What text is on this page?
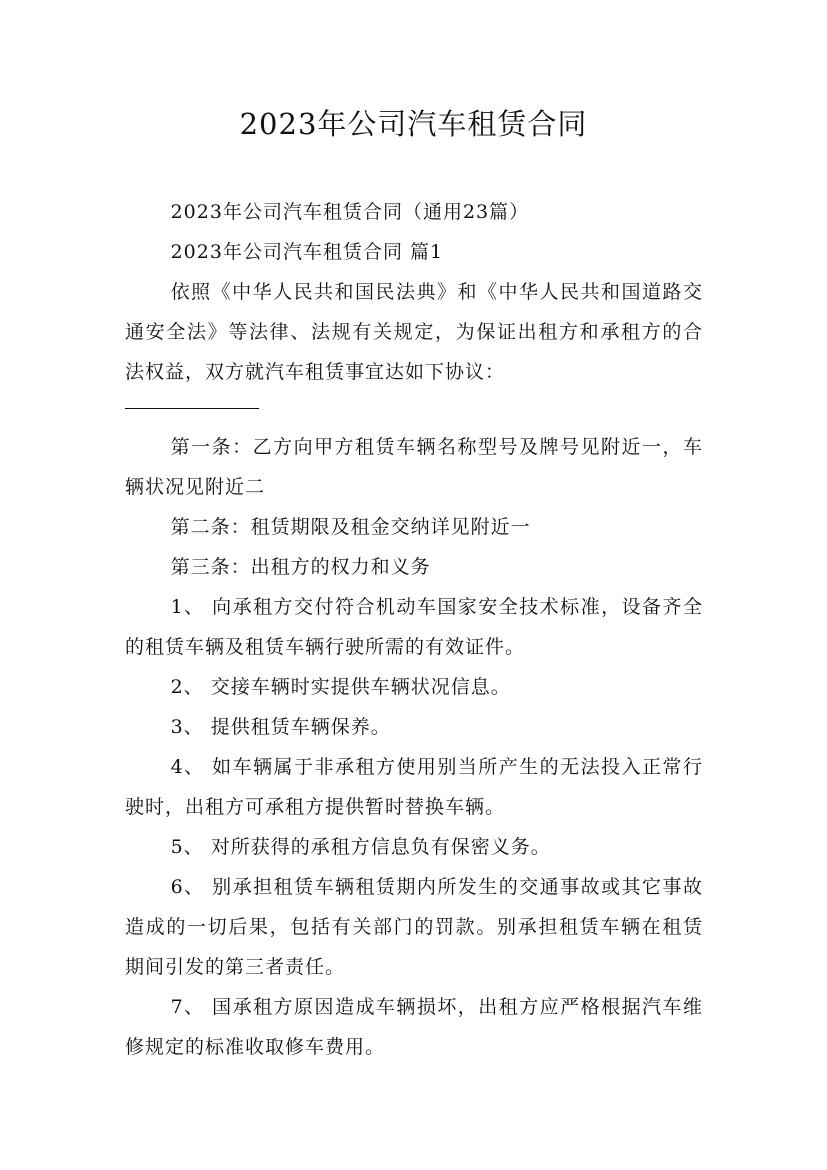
2023年公司汽车租赁合同

2023年公司汽车租赁合同（通用23篇）

2023年公司汽车租赁合同 篇1

依照《中华人民共和国民法典》和《中华人民共和国道路交通安全法》等法律、法规有关规定，为保证出租方和承租方的合法权益，双方就汽车租赁事宜达如下协议：

第一条：乙方向甲方租赁车辆名称型号及牌号见附近一，车辆状况见附近二

第二条：租赁期限及租金交纳详见附近一

第三条：出租方的权力和义务

1、 向承租方交付符合机动车国家安全技术标准，设备齐全的租赁车辆及租赁车辆行驶所需的有效证件。

2、 交接车辆时实提供车辆状况信息。

3、 提供租赁车辆保养。

4、 如车辆属于非承租方使用别当所产生的无法投入正常行驶时，出租方可承租方提供暂时替换车辆。

5、 对所获得的承租方信息负有保密义务。

6、 别承担租赁车辆租赁期内所发生的交通事故或其它事故造成的一切后果，包括有关部门的罚款。别承担租赁车辆在租赁期间引发的第三者责任。

7、 国承租方原因造成车辆损坏，出租方应严格根据汽车维修规定的标准收取修车费用。
